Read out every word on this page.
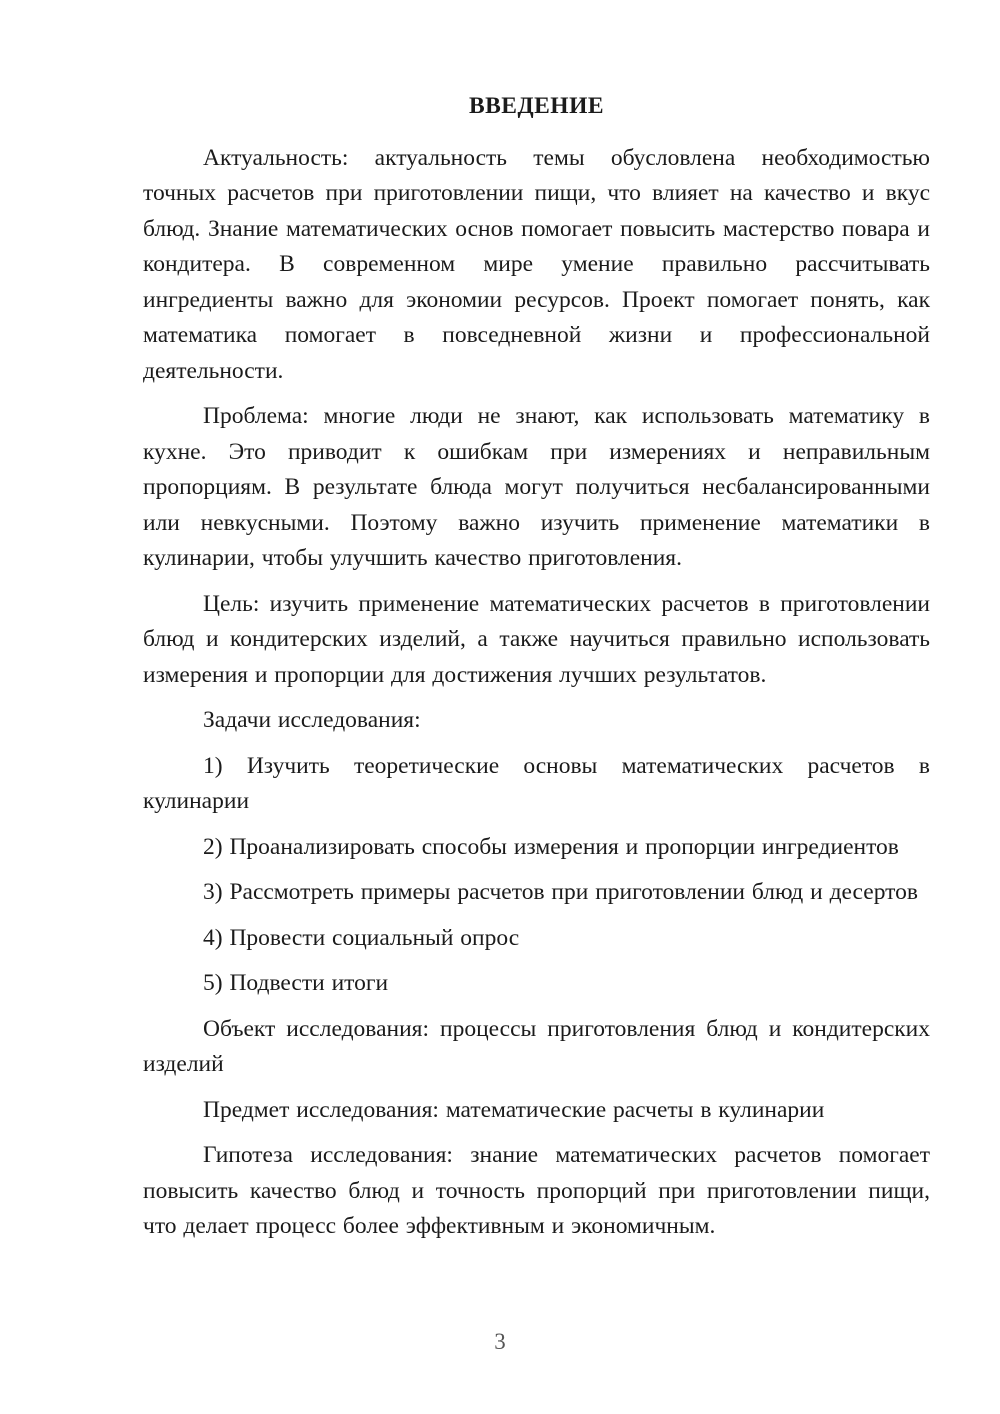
ВВЕДЕНИЕ

Актуальность: актуальность темы обусловлена необходимостью точных расчетов при приготовлении пищи, что влияет на качество и вкус блюд. Знание математических основ помогает повысить мастерство повара и кондитера. В современном мире умение правильно рассчитывать ингредиенты важно для экономии ресурсов. Проект помогает понять, как математика помогает в повседневной жизни и профессиональной деятельности.

Проблема: многие люди не знают, как использовать математику в кухне. Это приводит к ошибкам при измерениях и неправильным пропорциям. В результате блюда могут получиться несбалансированными или невкусными. Поэтому важно изучить применение математики в кулинарии, чтобы улучшить качество приготовления.

Цель: изучить применение математических расчетов в приготовлении блюд и кондитерских изделий, а также научиться правильно использовать измерения и пропорции для достижения лучших результатов.

Задачи исследования:

1) Изучить теоретические основы математических расчетов в кулинарии

2) Проанализировать способы измерения и пропорции ингредиентов

3) Рассмотреть примеры расчетов при приготовлении блюд и десертов

4) Провести социальный опрос

5) Подвести итоги

Объект исследования: процессы приготовления блюд и кондитерских изделий

Предмет исследования: математические расчеты в кулинарии

Гипотеза исследования: знание математических расчетов помогает повысить качество блюд и точность пропорций при приготовлении пищи, что делает процесс более эффективным и экономичным.

3
